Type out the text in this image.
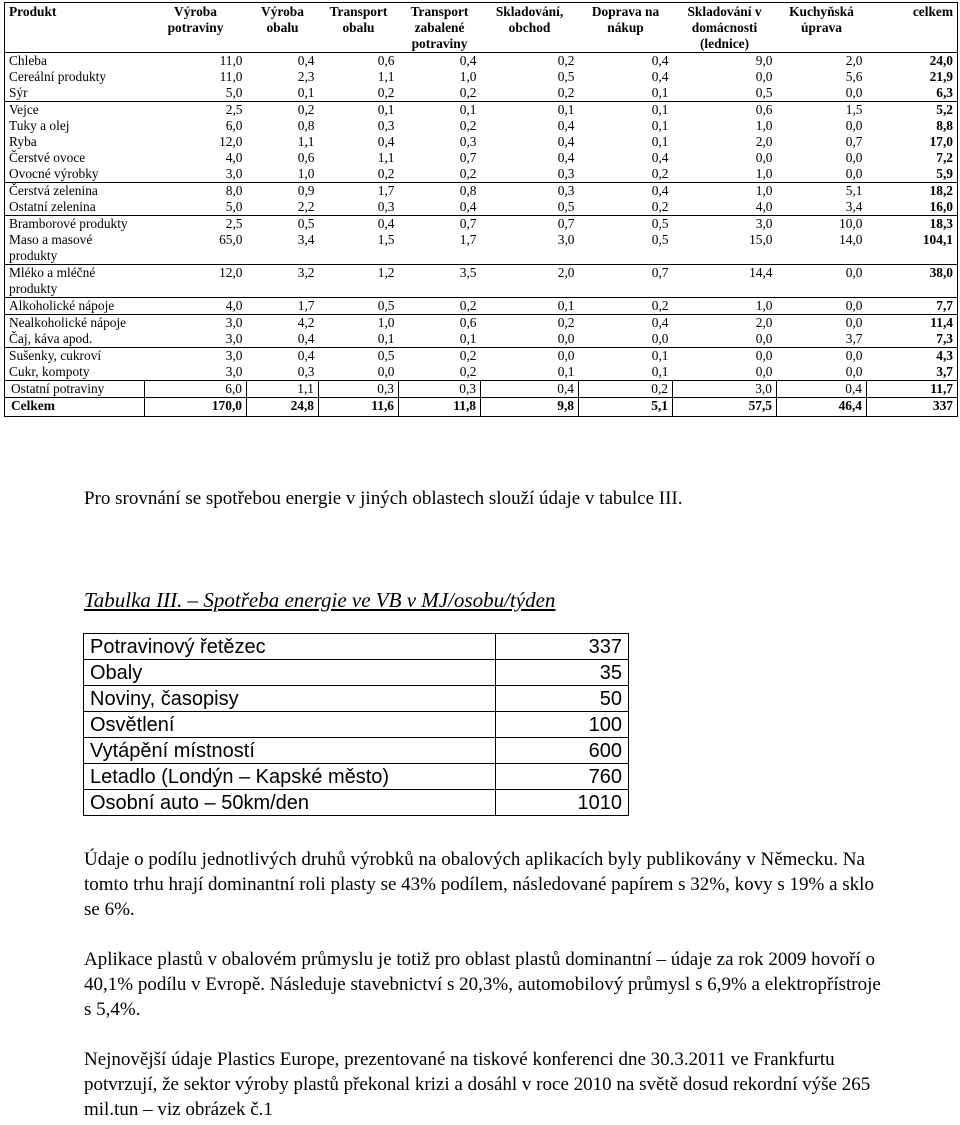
Produkt	Výroba potraviny	Výroba obalu	Transport obalu	Transport zabalené potraviny	Skladování, obchod	Doprava na nákup	Skladování v domácnosti (lednice)	Kuchyňská úprava	celkem
Chleba	11,0	0,4	0,6	0,4	0,2	0,4	9,0	2,0	24,0
Cereální produkty	11,0	2,3	1,1	1,0	0,5	0,4	0,0	5,6	21,9
Sýr	5,0	0,1	0,2	0,2	0,2	0,1	0,5	0,0	6,3
Vejce	2,5	0,2	0,1	0,1	0,1	0,1	0,6	1,5	5,2
Tuky a olej	6,0	0,8	0,3	0,2	0,4	0,1	1,0	0,0	8,8
Ryba	12,0	1,1	0,4	0,3	0,4	0,1	2,0	0,7	17,0
Čerstvé ovoce	4,0	0,6	1,1	0,7	0,4	0,4	0,0	0,0	7,2
Ovocné výrobky	3,0	1,0	0,2	0,2	0,3	0,2	1,0	0,0	5,9
Čerstvá zelenina	8,0	0,9	1,7	0,8	0,3	0,4	1,0	5,1	18,2
Ostatní zelenina	5,0	2,2	0,3	0,4	0,5	0,2	4,0	3,4	16,0
Bramborové produkty	2,5	0,5	0,4	0,7	0,7	0,5	3,0	10,0	18,3
Maso a masové produkty	65,0	3,4	1,5	1,7	3,0	0,5	15,0	14,0	104,1
Mléko a mléčné produkty	12,0	3,2	1,2	3,5	2,0	0,7	14,4	0,0	38,0
Alkoholické nápoje	4,0	1,7	0,5	0,2	0,1	0,2	1,0	0,0	7,7
Nealkoholické nápoje	3,0	4,2	1,0	0,6	0,2	0,4	2,0	0,0	11,4
Čaj, káva apod.	3,0	0,4	0,1	0,1	0,0	0,0	0,0	3,7	7,3
Sušenky, cukroví	3,0	0,4	0,5	0,2	0,0	0,1	0,0	0,0	4,3
Cukr, kompoty	3,0	0,3	0,0	0,2	0,1	0,1	0,0	0,0	3,7
Ostatní potraviny	6,0	1,1	0,3	0,3	0,4	0,2	3,0	0,4	11,7
Celkem	170,0	24,8	11,6	11,8	9,8	5,1	57,5	46,4	337

Pro srovnání se spotřebou energie v jiných oblastech slouží údaje v tabulce III.

Tabulka III. – Spotřeba energie ve VB v MJ/osobu/týden

Potravinový řetězec	337
Obaly	35
Noviny, časopisy	50
Osvětlení	100
Vytápění místností	600
Letadlo (Londýn – Kapské město)	760
Osobní auto – 50km/den	1010

Údaje o podílu jednotlivých druhů výrobků na obalových aplikacích byly publikovány v Německu. Na tomto trhu hrají dominantní roli plasty se 43% podílem, následované papírem s 32%, kovy s 19% a sklo se 6%.

Aplikace plastů v obalovém průmyslu je totiž pro oblast plastů dominantní – údaje za rok 2009 hovoří o 40,1% podílu v Evropě. Následuje stavebnictví s 20,3%, automobilový průmysl s 6,9% a elektropřístroje s 5,4%.

Nejnovější údaje Plastics Europe, prezentované na tiskové konferenci dne 30.3.2011 ve Frankfurtu potvrzují, že sektor výroby plastů překonal krizi a dosáhl v roce 2010 na světě dosud rekordní výše 265 mil.tun – viz obrázek č.1
